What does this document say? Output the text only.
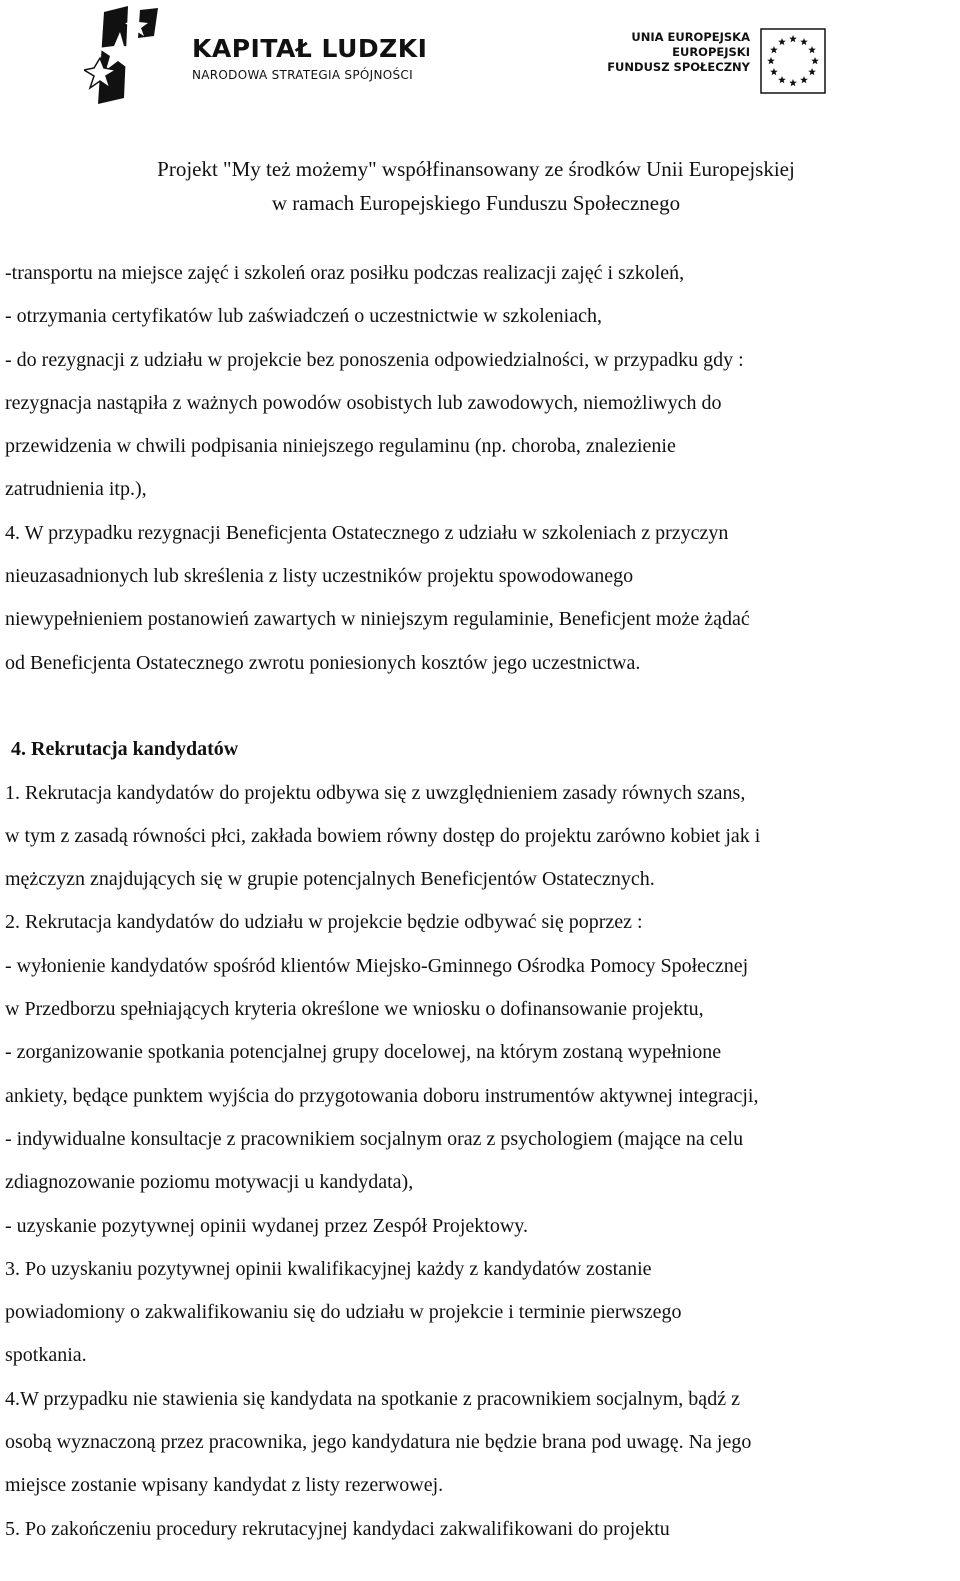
KAPITAŁ LUDZKI
NARODOWA STRATEGIA SPÓJNOŚCI
UNIA EUROPEJSKA
EUROPEJSKI
FUNDUSZ SPOŁECZNY
Projekt "My też możemy" współfinansowany ze środków Unii Europejskiej
w ramach Europejskiego Funduszu Społecznego

-transportu na miejsce zajęć i szkoleń oraz posiłku podczas realizacji zajęć i szkoleń,

- otrzymania certyfikatów lub zaświadczeń o uczestnictwie w szkoleniach,

- do rezygnacji z udziału w projekcie bez ponoszenia odpowiedzialności, w przypadku gdy :

rezygnacja nastąpiła z ważnych powodów osobistych lub zawodowych, niemożliwych do

przewidzenia w chwili podpisania niniejszego regulaminu (np. choroba, znalezienie

zatrudnienia itp.),

4. W przypadku rezygnacji Beneficjenta Ostatecznego z udziału w szkoleniach z przyczyn

nieuzasadnionych lub skreślenia z listy uczestników projektu spowodowanego

niewypełnieniem postanowień zawartych w niniejszym regulaminie, Beneficjent może żądać

od Beneficjenta Ostatecznego zwrotu poniesionych kosztów jego uczestnictwa.

4. Rekrutacja kandydatów

1. Rekrutacja kandydatów do projektu odbywa się z uwzględnieniem zasady równych szans,

w tym z zasadą równości płci, zakłada bowiem równy dostęp do projektu zarówno kobiet jak i

mężczyzn znajdujących się w grupie potencjalnych Beneficjentów Ostatecznych.

2. Rekrutacja kandydatów do udziału w projekcie będzie odbywać się poprzez :

- wyłonienie kandydatów spośród klientów Miejsko-Gminnego Ośrodka Pomocy Społecznej

w Przedborzu spełniających kryteria określone we wniosku o dofinansowanie projektu,

- zorganizowanie spotkania potencjalnej grupy docelowej, na którym zostaną wypełnione

ankiety, będące punktem wyjścia do przygotowania doboru instrumentów aktywnej integracji,

- indywidualne konsultacje z pracownikiem socjalnym oraz z psychologiem (mające na celu

zdiagnozowanie poziomu motywacji u kandydata),

- uzyskanie pozytywnej opinii wydanej przez Zespół Projektowy.

3. Po uzyskaniu pozytywnej opinii kwalifikacyjnej każdy z kandydatów zostanie

powiadomiony o zakwalifikowaniu się do udziału w projekcie i terminie pierwszego

spotkania.

4.W przypadku nie stawienia się kandydata na spotkanie z pracownikiem socjalnym, bądź z

osobą wyznaczoną przez pracownika, jego kandydatura nie będzie brana pod uwagę. Na jego

miejsce zostanie wpisany kandydat z listy rezerwowej.

5. Po zakończeniu procedury rekrutacyjnej kandydaci zakwalifikowani do projektu
